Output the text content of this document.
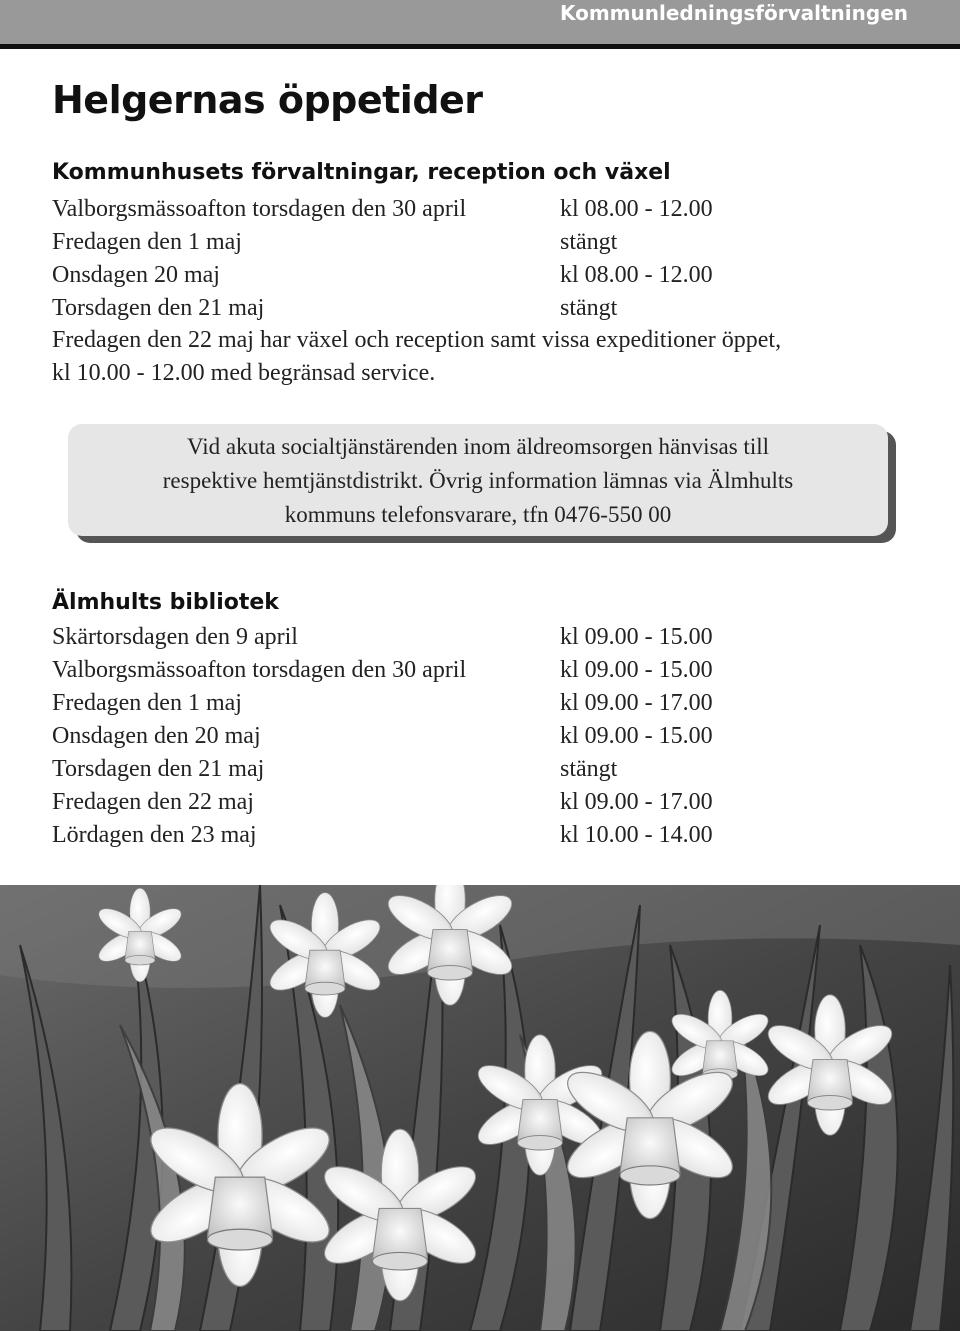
Kommunledningsförvaltningen
Helgernas öppetider
Kommunhusets förvaltningar, reception och växel
Valborgsmässoafton torsdagen den 30 april	kl 08.00 - 12.00
Fredagen den 1 maj	stängt
Onsdagen 20 maj	kl 08.00 - 12.00
Torsdagen den 21 maj	stängt

Fredagen den 22 maj har växel och reception samt vissa expeditioner öppet,
kl 10.00 - 12.00 med begränsad service.

Vid akuta socialtjänstärenden inom äldreomsorgen hänvisas till
respektive hemtjänstdistrikt. Övrig information lämnas via Älmhults
kommuns telefonsvarare, tfn 0476-550 00
Älmhults bibliotek
Skärtorsdagen den 9 april	kl 09.00 - 15.00
Valborgsmässoafton torsdagen den 30 april	kl 09.00 - 15.00
Fredagen den 1 maj	kl 09.00 - 17.00
Onsdagen den 20 maj	kl 09.00 - 15.00
Torsdagen den 21 maj	stängt
Fredagen den 22 maj	kl 09.00 - 17.00
Lördagen den 23 maj	kl 10.00 - 14.00
